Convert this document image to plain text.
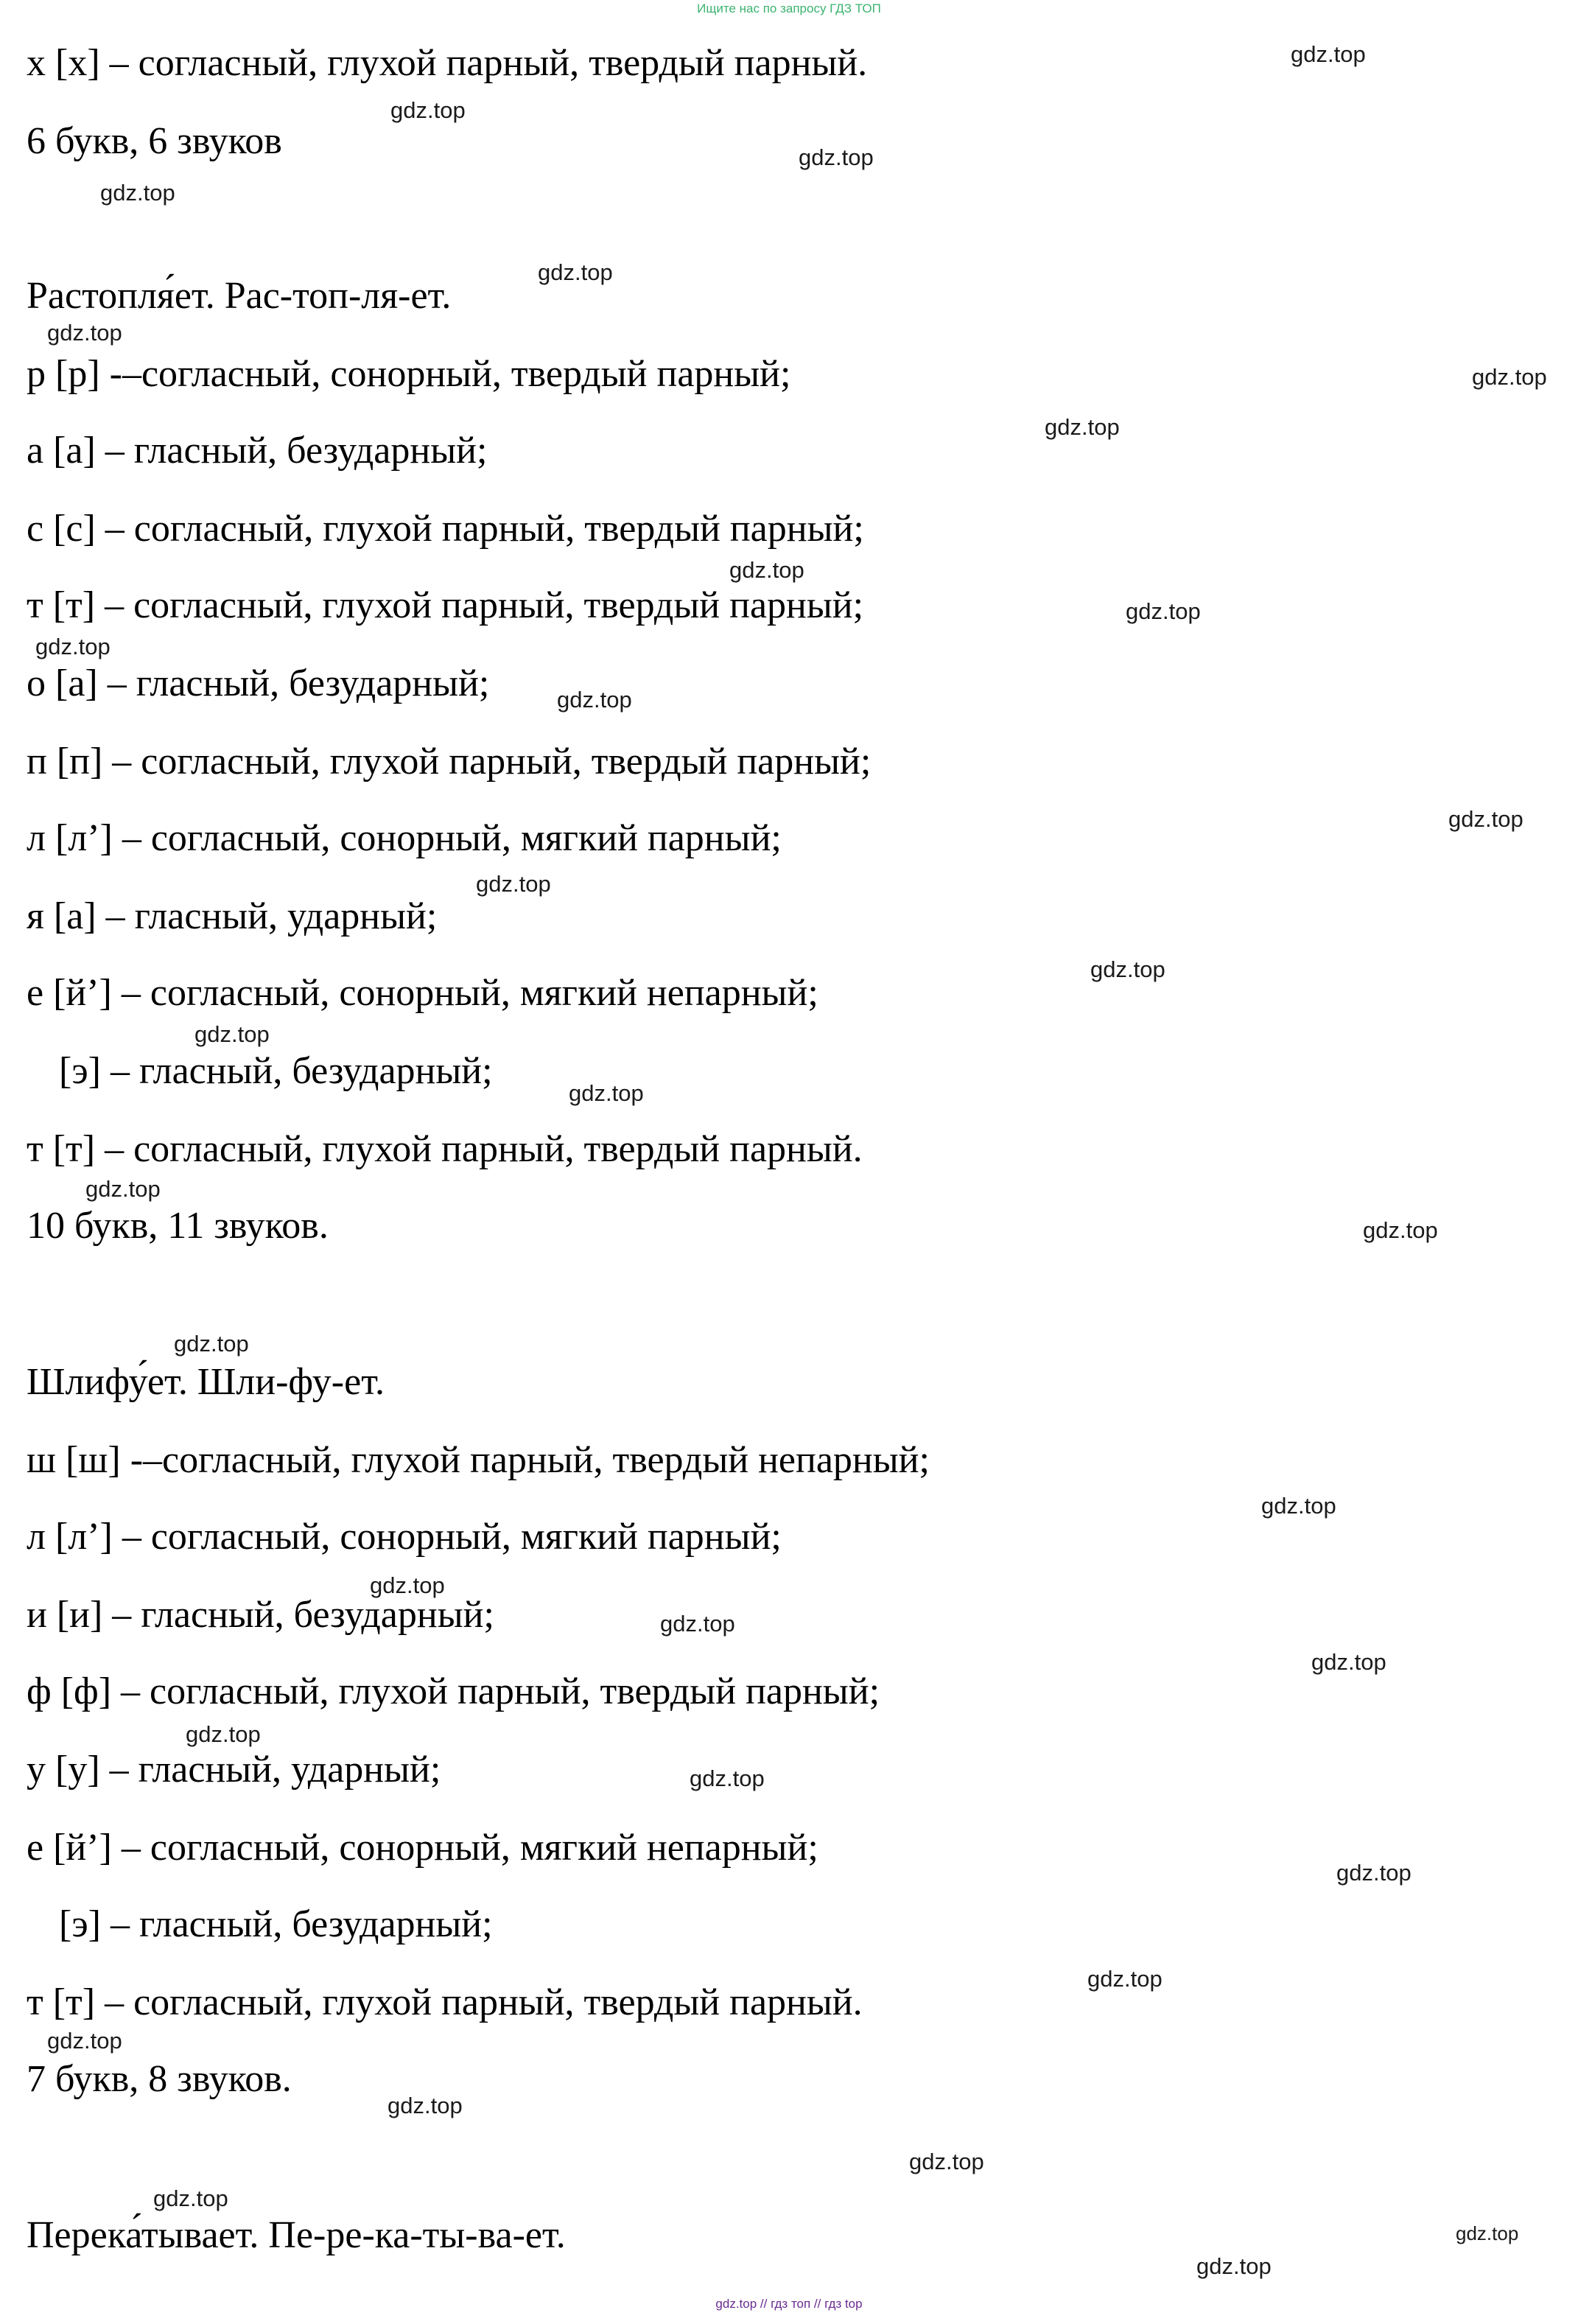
Ищите нас по запросу ГДЗ ТОП
х [х] – согласный, глухой парный, твердый парный.
6 букв, 6 звуков
Растопля́ет. Рас-топ-ля-ет.
р [р] -–согласный, сонорный, твердый парный;
а [а] – гласный, безударный;
с [с] – согласный, глухой парный, твердый парный;
т [т] – согласный, глухой парный, твердый парный;
о [а] – гласный, безударный;
п [п] – согласный, глухой парный, твердый парный;
л [л’] – согласный, сонорный, мягкий парный;
я [а] – гласный, ударный;
е [й’] – согласный, сонорный, мягкий непарный;
[э] – гласный, безударный;
т [т] – согласный, глухой парный, твердый парный.
10 букв, 11 звуков.
Шлифу́ет. Шли-фу-ет.
ш [ш] -–согласный, глухой парный, твердый непарный;
л [л’] – согласный, сонорный, мягкий парный;
и [и] – гласный, безударный;
ф [ф] – согласный, глухой парный, твердый парный;
у [у] – гласный, ударный;
е [й’] – согласный, сонорный, мягкий непарный;
[э] – гласный, безударный;
т [т] – согласный, глухой парный, твердый парный.
7 букв, 8 звуков.
Перека́тывает. Пе-ре-ка-ты-ва-ет.
gdz.top
gdz.top
gdz.top
gdz.top
gdz.top
gdz.top
gdz.top
gdz.top
gdz.top
gdz.top
gdz.top
gdz.top
gdz.top
gdz.top
gdz.top
gdz.top
gdz.top
gdz.top
gdz.top
gdz.top
gdz.top
gdz.top
gdz.top
gdz.top
gdz.top
gdz.top
gdz.top
gdz.top
gdz.top
gdz.top
gdz.top
gdz.top
gdz.top
gdz.top
gdz.top // гдз топ // гдз top
